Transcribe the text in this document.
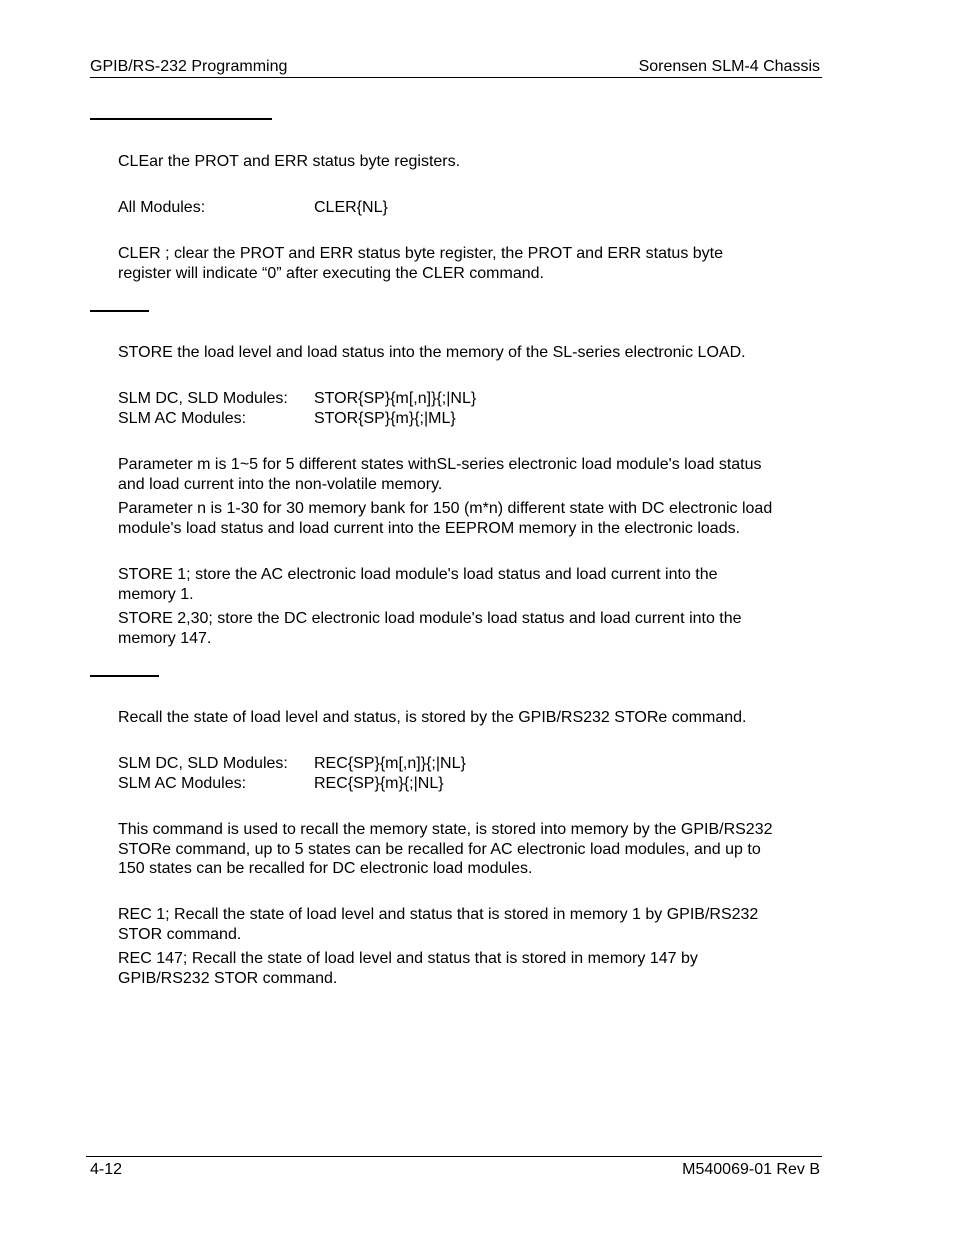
GPIB/RS-232 Programming	Sorensen SLM-4 Chassis
CLEar the PROT and ERR status byte registers.
All Modules:	CLER{NL}
CLER ; clear the PROT and ERR status byte register, the PROT and ERR status byte
register will indicate “0” after executing the CLER command.
STORE the load level and load status into the memory of the SL-series electronic LOAD.
SLM DC, SLD Modules: STOR{SP}{m[,n]}{;|NL}
SLM AC Modules:	STOR{SP}{m}{;|ML}
Parameter m is 1~5 for 5 different states withSL-series electronic load module's load status
and load current into the non-volatile memory.
Parameter n is 1-30 for 30 memory bank for 150 (m*n) different state with DC electronic load
module's load status and load current into the EEPROM memory in the electronic loads.
STORE 1; store the AC electronic load module's load status and load current into the
memory 1.
STORE 2,30; store the DC electronic load module's load status and load current into the
memory 147.
Recall the state of load level and status, is stored by the GPIB/RS232 STORe command.
SLM DC, SLD Modules: REC{SP}{m[,n]}{;|NL}
SLM AC Modules:	REC{SP}{m}{;|NL}
This command is used to recall the memory state, is stored into memory by the GPIB/RS232
STORe command, up to 5 states can be recalled for AC electronic load modules, and up to
150 states can be recalled for DC electronic load modules.
REC 1; Recall the state of load level and status that is stored in memory 1 by GPIB/RS232
STOR command.
REC 147; Recall the state of load level and status that is stored in memory 147 by
GPIB/RS232 STOR command.
4-12	M540069-01 Rev B
